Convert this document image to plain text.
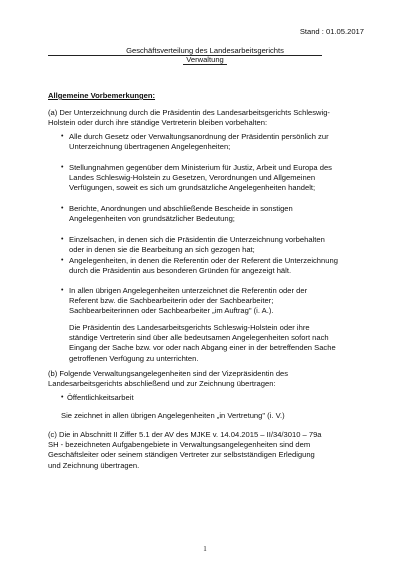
Stand : 01.05.2017
Geschäftsverteilung des Landesarbeitsgerichts
Verwaltung
Allgemeine Vorbemerkungen:
(a) Der Unterzeichnung durch die Präsidentin des Landesarbeitsgerichts Schleswig-
Holstein oder durch ihre ständige Vertreterin bleiben vorbehalten:
• Alle durch Gesetz oder Verwaltungsanordnung der Präsidentin persönlich zur
Unterzeichnung übertragenen Angelegenheiten;
• Stellungnahmen gegenüber dem Ministerium für Justiz, Arbeit und Europa des
Landes Schleswig-Holstein zu Gesetzen, Verordnungen und Allgemeinen
Verfügungen, soweit es sich um grundsätzliche Angelegenheiten handelt;
• Berichte, Anordnungen und abschließende Bescheide in sonstigen
Angelegenheiten von grundsätzlicher Bedeutung;
• Einzelsachen, in denen sich die Präsidentin die Unterzeichnung vorbehalten
oder in denen sie die Bearbeitung an sich gezogen hat;
• Angelegenheiten, in denen die Referentin oder der Referent die Unterzeichnung
durch die Präsidentin aus besonderen Gründen für angezeigt hält.
• In allen übrigen Angelegenheiten unterzeichnet die Referentin oder der
Referent bzw. die Sachbearbeiterin oder der Sachbearbeiter;
Sachbearbeiterinnen oder Sachbearbeiter „im Auftrag" (i. A.).
Die Präsidentin des Landesarbeitsgerichts Schleswig-Holstein oder ihre
ständige Vertreterin sind über alle bedeutsamen Angelegenheiten sofort nach
Eingang der Sache bzw. vor oder nach Abgang einer in der betreffenden Sache
getroffenen Verfügung zu unterrichten.
(b) Folgende Verwaltungsangelegenheiten sind der Vizepräsidentin des
Landesarbeitsgerichts abschließend und zur Zeichnung übertragen:
• Öffentlichkeitsarbeit
Sie zeichnet in allen übrigen Angelegenheiten „in Vertretung" (i. V.)
(c) Die in Abschnitt II Ziffer 5.1 der AV des MJKE v. 14.04.2015 – II/34/3010 – 79a
SH - bezeichneten Aufgabengebiete in Verwaltungsangelegenheiten sind dem
Geschäftsleiter oder seinem ständigen Vertreter zur selbstständigen Erledigung
und Zeichnung übertragen.
1
